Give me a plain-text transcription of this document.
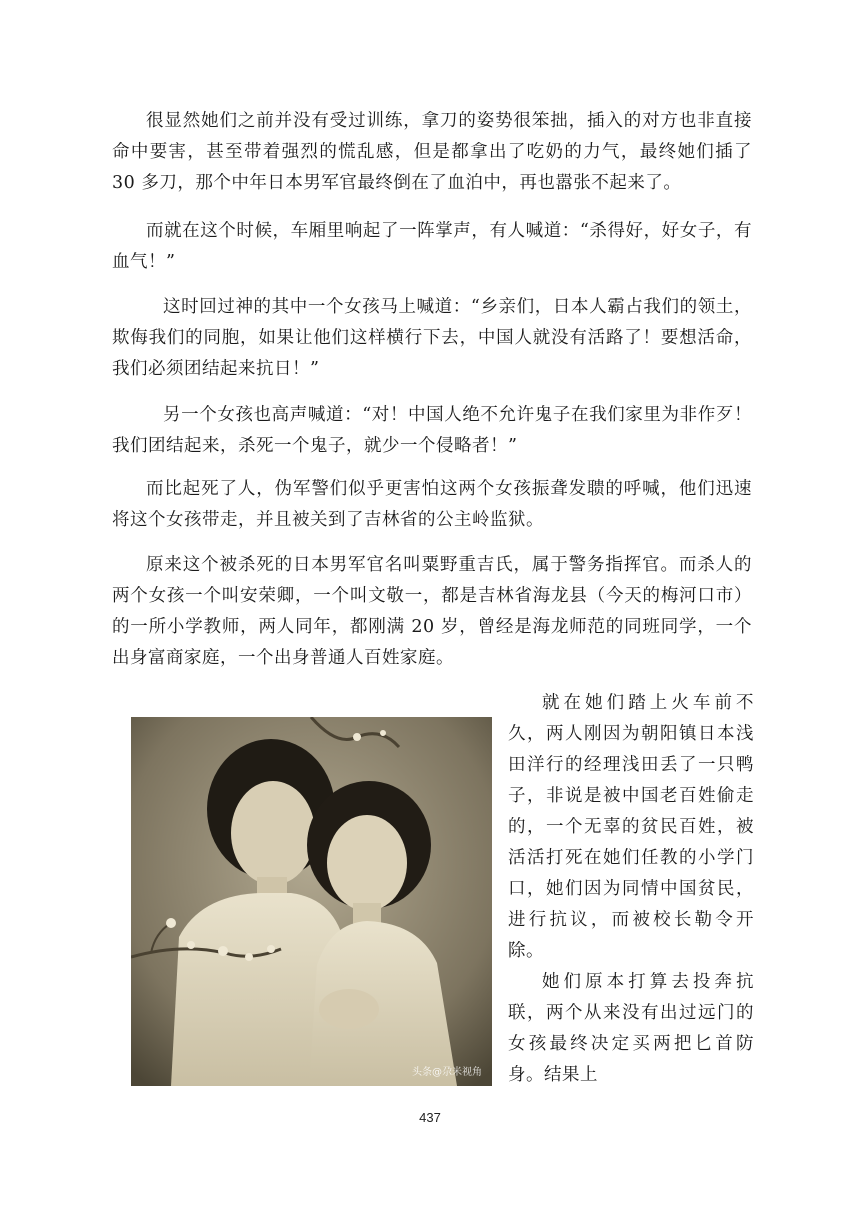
很显然她们之前并没有受过训练，拿刀的姿势很笨拙，插入的对方也非直接命中要害，甚至带着强烈的慌乱感，但是都拿出了吃奶的力气，最终她们插了 30 多刀，那个中年日本男军官最终倒在了血泊中，再也嚣张不起来了。

而就在这个时候，车厢里响起了一阵掌声，有人喊道：“杀得好，好女子，有血气！”

这时回过神的其中一个女孩马上喊道：“乡亲们，日本人霸占我们的领土，欺侮我们的同胞，如果让他们这样横行下去，中国人就没有活路了！要想活命，我们必须团结起来抗日！”

另一个女孩也高声喊道：“对！中国人绝不允许鬼子在我们家里为非作歹！我们团结起来，杀死一个鬼子，就少一个侵略者！”

而比起死了人，伪军警们似乎更害怕这两个女孩振聋发聩的呼喊，他们迅速将这个女孩带走，并且被关到了吉林省的公主岭监狱。

原来这个被杀死的日本男军官名叫粟野重吉氏，属于警务指挥官。而杀人的两个女孩一个叫安荣卿，一个叫文敬一，都是吉林省海龙县（今天的梅河口市）的一所小学教师，两人同年，都刚满 20 岁，曾经是海龙师范的同班同学，一个出身富商家庭，一个出身普通人百姓家庭。

头条@尕米视角

就在她们踏上火车前不久，两人刚因为朝阳镇日本浅田洋行的经理浅田丢了一只鸭子，非说是被中国老百姓偷走的，一个无辜的贫民百姓，被活活打死在她们任教的小学门口，她们因为同情中国贫民，进行抗议，而被校长勒令开除。

她们原本打算去投奔抗联，两个从来没有出过远门的女孩最终决定买两把匕首防身。结果上

437
